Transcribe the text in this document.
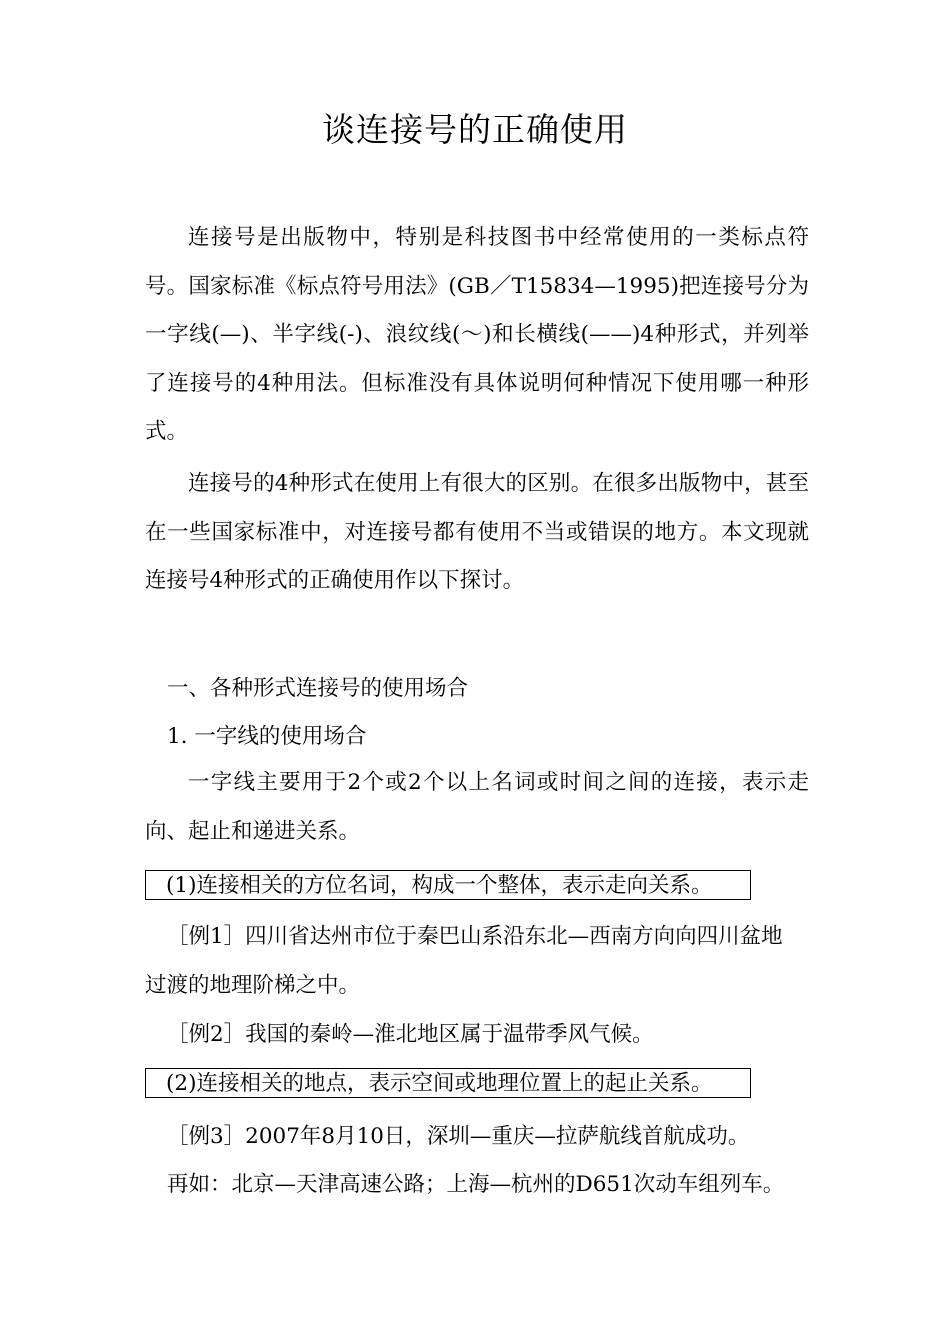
谈连接号的正确使用

连接号是出版物中，特别是科技图书中经常使用的一类标点符号。国家标准《标点符号用法》(GB／T15834—1995)把连接号分为一字线(—)、半字线(-)、浪纹线(～)和长横线(——)4种形式，并列举了连接号的4种用法。但标准没有具体说明何种情况下使用哪一种形式。

连接号的4种形式在使用上有很大的区别。在很多出版物中，甚至在一些国家标准中，对连接号都有使用不当或错误的地方。本文现就连接号4种形式的正确使用作以下探讨。

一、各种形式连接号的使用场合

1. 一字线的使用场合

一字线主要用于2个或2个以上名词或时间之间的连接，表示走向、起止和递进关系。

(1)连接相关的方位名词，构成一个整体，表示走向关系。

［例1］四川省达州市位于秦巴山系沿东北—西南方向向四川盆地

过渡的地理阶梯之中。

［例2］我国的秦岭—淮北地区属于温带季风气候。

(2)连接相关的地点，表示空间或地理位置上的起止关系。

［例3］2007年8月10日，深圳—重庆—拉萨航线首航成功。

再如：北京—天津高速公路；上海—杭州的D651次动车组列车。
